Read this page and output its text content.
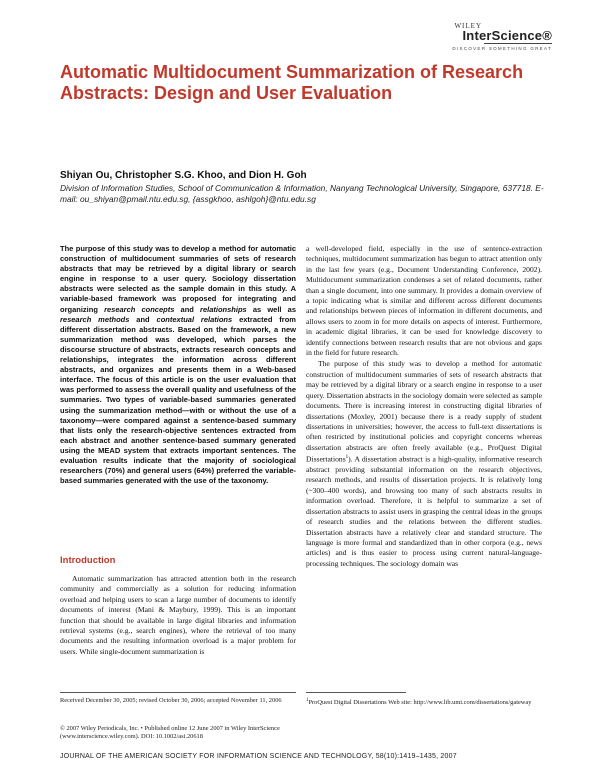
WILEY
InterScience®
DISCOVER SOMETHING GREAT
Automatic Multidocument Summarization of Research Abstracts: Design and User Evaluation
Shiyan Ou, Christopher S.G. Khoo, and Dion H. Goh
Division of Information Studies, School of Communication & Information, Nanyang Technological University, Singapore, 637718. E-mail: ou_shiyan@pmail.ntu.edu.sg, {assgkhoo, ashlgoh}@ntu.edu.sg
The purpose of this study was to develop a method for automatic construction of multidocument summaries of sets of research abstracts that may be retrieved by a digital library or search engine in response to a user query. Sociology dissertation abstracts were selected as the sample domain in this study. A variable-based framework was proposed for integrating and organizing research concepts and relationships as well as research methods and contextual relations extracted from different dissertation abstracts. Based on the framework, a new summarization method was developed, which parses the discourse structure of abstracts, extracts research concepts and relationships, integrates the information across different abstracts, and organizes and presents them in a Web-based interface. The focus of this article is on the user evaluation that was performed to assess the overall quality and usefulness of the summaries. Two types of variable-based summaries generated using the summarization method—with or without the use of a taxonomy—were compared against a sentence-based summary that lists only the research-objective sentences extracted from each abstract and another sentence-based summary generated using the MEAD system that extracts important sentences. The evaluation results indicate that the majority of sociological researchers (70%) and general users (64%) preferred the variable-based summaries generated with the use of the taxonomy.
Introduction
Automatic summarization has attracted attention both in the research community and commercially as a solution for reducing information overload and helping users to scan a large number of documents to identify documents of interest (Mani & Maybury, 1999). This is an important function that should be available in large digital libraries and information retrieval systems (e.g., search engines), where the retrieval of too many documents and the resulting information overload is a major problem for users. While single-document summarization is

a well-developed field, especially in the use of sentence-extraction techniques, multidocument summarization has begun to attract attention only in the last few years (e.g., Document Understanding Conference, 2002). Multidocument summarization condenses a set of related documents, rather than a single document, into one summary. It provides a domain overview of a topic indicating what is similar and different across different documents and relationships between pieces of information in different documents, and allows users to zoom in for more details on aspects of interest. Furthermore, in academic digital libraries, it can be used for knowledge discovery to identify connections between research results that are not obvious and gaps in the field for future research.

The purpose of this study was to develop a method for automatic construction of multidocument summaries of sets of research abstracts that may be retrieved by a digital library or a search engine in response to a user query. Dissertation abstracts in the sociology domain were selected as sample documents. There is increasing interest in constructing digital libraries of dissertations (Moxley, 2001) because there is a ready supply of student dissertations in universities; however, the access to full-text dissertations is often restricted by institutional policies and copyright concerns whereas dissertation abstracts are often freely available (e.g., ProQuest Digital Dissertations$^1$). A dissertation abstract is a high-quality, informative research abstract providing substantial information on the research objectives, research methods, and results of dissertation projects. It is relatively long (~300–400 words), and browsing too many of such abstracts results in information overload. Therefore, it is helpful to summarize a set of dissertation abstracts to assist users in grasping the central ideas in the groups of research studies and the relations between the different studies. Dissertation abstracts have a relatively clear and standard structure. The language is more formal and standardized than in other corpora (e.g., news articles) and is thus easier to process using current natural-language-processing techniques. The sociology domain was

Received December 30, 2005; revised October 30, 2006; accepted November 11, 2006
© 2007 Wiley Periodicals, Inc. • Published online 12 June 2007 in Wiley InterScience (www.interscience.wiley.com). DOI: 10.1002/asi.20618
$^1$ProQuest Digital Dissertations Web site: http://www.lib.umi.com/dissertations/gateway
JOURNAL OF THE AMERICAN SOCIETY FOR INFORMATION SCIENCE AND TECHNOLOGY, 58(10):1419–1435, 2007
